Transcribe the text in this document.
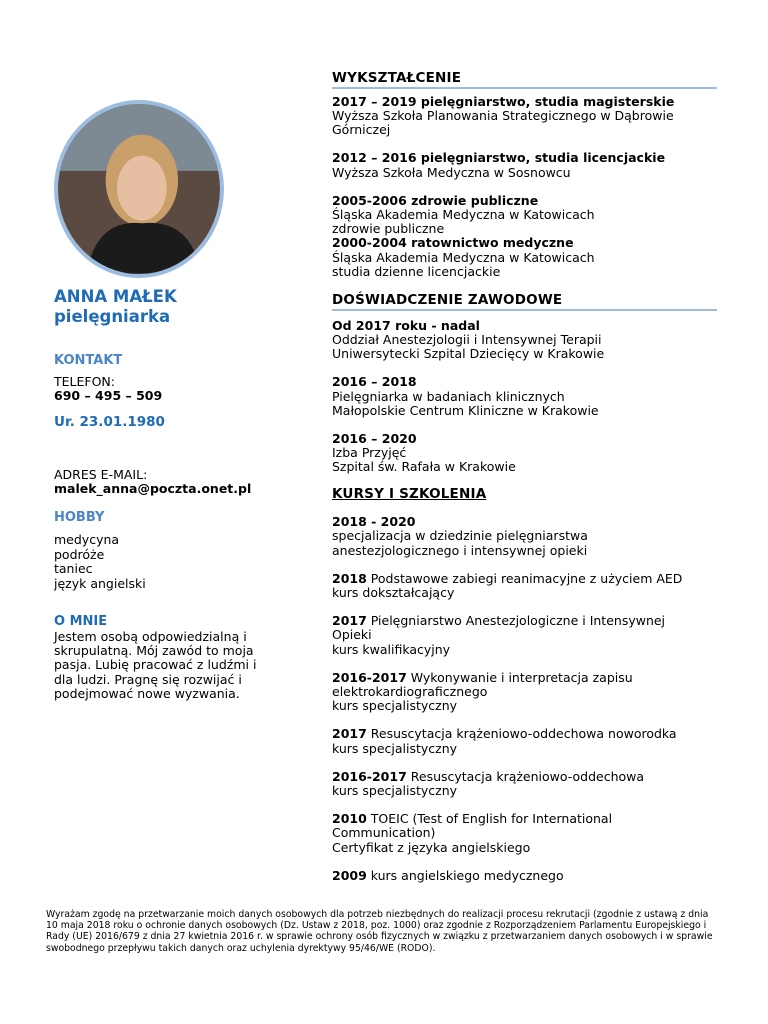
ANNA MAŁEK
pielęgniarka
KONTAKT
TELEFON:
690 – 495 – 509
Ur. 23.01.1980
ADRES E-MAIL:
malek_anna@poczta.onet.pl
HOBBY
medycyna
podróże
taniec
język angielski
O MNIE
Jestem osobą odpowiedzialną i skrupulatną. Mój zawód to moja pasja. Lubię pracować z ludźmi i dla ludzi. Pragnę się rozwijać i podejmować nowe wyzwania.
WYKSZTAŁCENIE
2017 – 2019 pielęgniarstwo, studia magisterskie
Wyższa Szkoła Planowania Strategicznego w Dąbrowie Górniczej
2012 – 2016 pielęgniarstwo, studia licencjackie
Wyższa Szkoła Medyczna w Sosnowcu
2005-2006 zdrowie publiczne
Śląska Akademia Medyczna w Katowicach
zdrowie publiczne
2000-2004 ratownictwo medyczne
Śląska Akademia Medyczna w Katowicach
studia dzienne licencjackie
DOŚWIADCZENIE ZAWODOWE
Od 2017 roku - nadal
Oddział Anestezjologii i Intensywnej Terapii
Uniwersytecki Szpital Dziecięcy w Krakowie
2016 – 2018
Pielęgniarka w badaniach klinicznych
Małopolskie Centrum Kliniczne w Krakowie
2016 – 2020
Izba Przyjęć
Szpital św. Rafała w Krakowie
KURSY I SZKOLENIA
2018 - 2020
specjalizacja w dziedzinie pielęgniarstwa anestezjologicznego i intensywnej opieki
2018 Podstawowe zabiegi reanimacyjne z użyciem AED
kurs dokształcający
2017 Pielęgniarstwo Anestezjologiczne i Intensywnej Opieki
kurs kwalifikacyjny
2016-2017 Wykonywanie i interpretacja zapisu elektrokardiograficznego
kurs specjalistyczny
2017 Resuscytacja krążeniowo-oddechowa noworodka
kurs specjalistyczny
2016-2017 Resuscytacja krążeniowo-oddechowa
kurs specjalistyczny
2010 TOEIC (Test of English for International Communication)
Certyfikat z języka angielskiego
2009 kurs angielskiego medycznego
Wyrażam zgodę na przetwarzanie moich danych osobowych dla potrzeb niezbędnych do realizacji procesu rekrutacji (zgodnie z ustawą z dnia 10 maja 2018 roku o ochronie danych osobowych (Dz. Ustaw z 2018, poz. 1000) oraz zgodnie z Rozporządzeniem Parlamentu Europejskiego i Rady (UE) 2016/679 z dnia 27 kwietnia 2016 r. w sprawie ochrony osób fizycznych w związku z przetwarzaniem danych osobowych i w sprawie swobodnego przepływu takich danych oraz uchylenia dyrektywy 95/46/WE (RODO).
